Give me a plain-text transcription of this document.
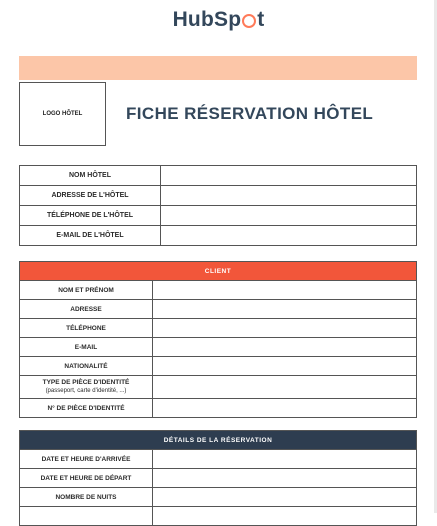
HubSp t
LOGO HÔTEL	FICHE RÉSERVATION HÔTEL
NOM HÔTEL	
ADRESSE DE L'HÔTEL	
TÉLÉPHONE DE L'HÔTEL	
E-MAIL DE L'HÔTEL	
CLIENT	
NOM ET PRÉNOM	
ADRESSE	
TÉLÉPHONE	
E-MAIL	
NATIONALITÉ	
TYPE DE PIÈCE D'IDENTITÉ
(passeport, carte d'identité, ...)	
N° DE PIÈCE D'IDENTITÉ	
DÉTAILS DE LA RÉSERVATION	
DATE ET HEURE D'ARRIVÉE	
DATE ET HEURE DE DÉPART	
NOMBRE DE NUITS	
